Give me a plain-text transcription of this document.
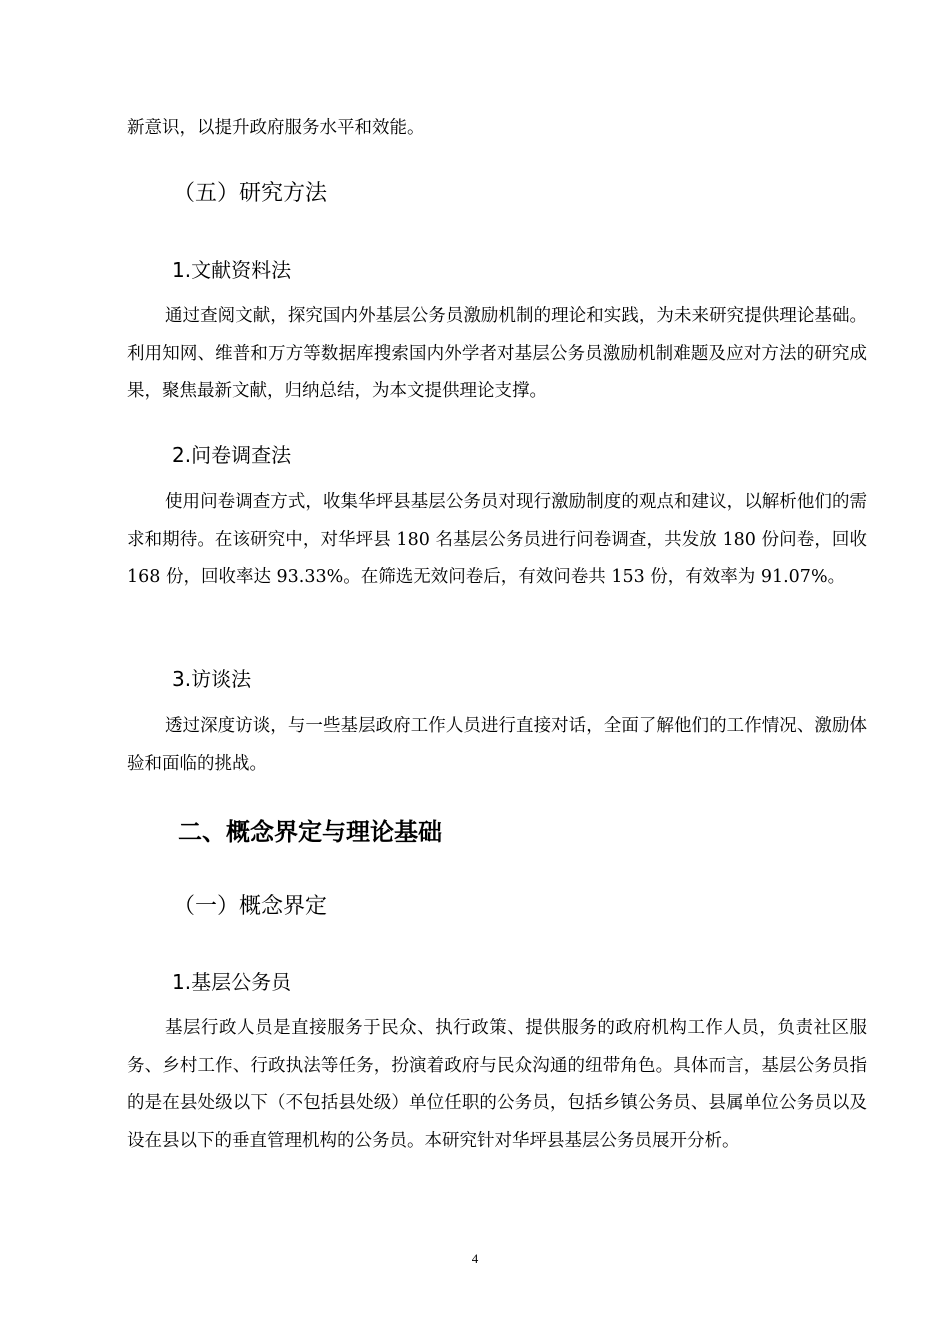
新意识，以提升政府服务水平和效能。

（五）研究方法
1.文献资料法

通过查阅文献，探究国内外基层公务员激励机制的理论和实践，为未来研究提供理论基础。利用知网、维普和万方等数据库搜索国内外学者对基层公务员激励机制难题及应对方法的研究成果，聚焦最新文献，归纳总结，为本文提供理论支撑。

2.问卷调查法

使用问卷调查方式，收集华坪县基层公务员对现行激励制度的观点和建议，以解析他们的需求和期待。在该研究中，对华坪县 180 名基层公务员进行问卷调查，共发放 180 份问卷，回收 168 份，回收率达 93.33%。在筛选无效问卷后，有效问卷共 153 份，有效率为 91.07%。

3.访谈法

透过深度访谈，与一些基层政府工作人员进行直接对话，全面了解他们的工作情况、激励体验和面临的挑战。

二、概念界定与理论基础
（一）概念界定
1.基层公务员

基层行政人员是直接服务于民众、执行政策、提供服务的政府机构工作人员，负责社区服务、乡村工作、行政执法等任务，扮演着政府与民众沟通的纽带角色。具体而言，基层公务员指的是在县处级以下（不包括县处级）单位任职的公务员，包括乡镇公务员、县属单位公务员以及设在县以下的垂直管理机构的公务员。本研究针对华坪县基层公务员展开分析。

4
